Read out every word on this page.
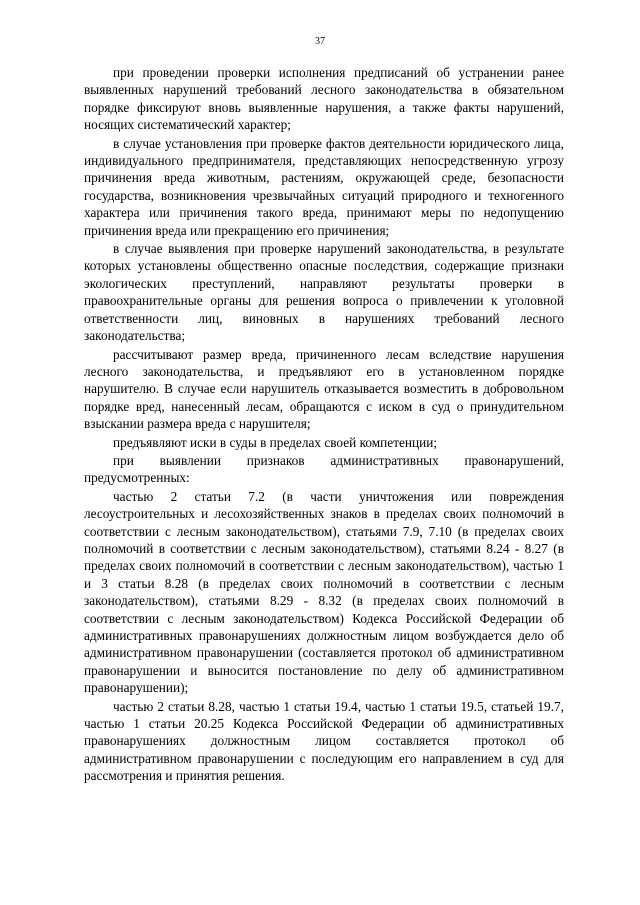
37

при проведении проверки исполнения предписаний об устранении ранее выявленных нарушений требований лесного законодательства в обязательном порядке фиксируют вновь выявленные нарушения, а также факты нарушений, носящих систематический характер;

в случае установления при проверке фактов деятельности юридического лица, индивидуального предпринимателя, представляющих непосредственную угрозу причинения вреда животным, растениям, окружающей среде, безопасности государства, возникновения чрезвычайных ситуаций природного и техногенного характера или причинения такого вреда, принимают меры по недопущению причинения вреда или прекращению его причинения;

в случае выявления при проверке нарушений законодательства, в результате которых установлены общественно опасные последствия, содержащие признаки экологических преступлений, направляют результаты проверки в правоохранительные органы для решения вопроса о привлечении к уголовной ответственности лиц, виновных в нарушениях требований лесного законодательства;

рассчитывают размер вреда, причиненного лесам вследствие нарушения лесного законодательства, и предъявляют его в установленном порядке нарушителю. В случае если нарушитель отказывается возместить в добровольном порядке вред, нанесенный лесам, обращаются с иском в суд о принудительном взыскании размера вреда с нарушителя;

предъявляют иски в суды в пределах своей компетенции;

при выявлении признаков административных правонарушений, предусмотренных:

частью 2 статьи 7.2 (в части уничтожения или повреждения лесоустроительных и лесохозяйственных знаков в пределах своих полномочий в соответствии с лесным законодательством), статьями 7.9, 7.10 (в пределах своих полномочий в соответствии с лесным законодательством), статьями 8.24 - 8.27 (в пределах своих полномочий в соответствии с лесным законодательством), частью 1 и 3 статьи 8.28 (в пределах своих полномочий в соответствии с лесным законодательством), статьями 8.29 - 8.32 (в пределах своих полномочий в соответствии с лесным законодательством) Кодекса Российской Федерации об административных правонарушениях должностным лицом возбуждается дело об административном правонарушении (составляется протокол об административном правонарушении и выносится постановление по делу об административном правонарушении);

частью 2 статьи 8.28, частью 1 статьи 19.4, частью 1 статьи 19.5, статьей 19.7, частью 1 статьи 20.25 Кодекса Российской Федерации об административных правонарушениях должностным лицом составляется протокол об административном правонарушении с последующим его направлением в суд для рассмотрения и принятия решения.
